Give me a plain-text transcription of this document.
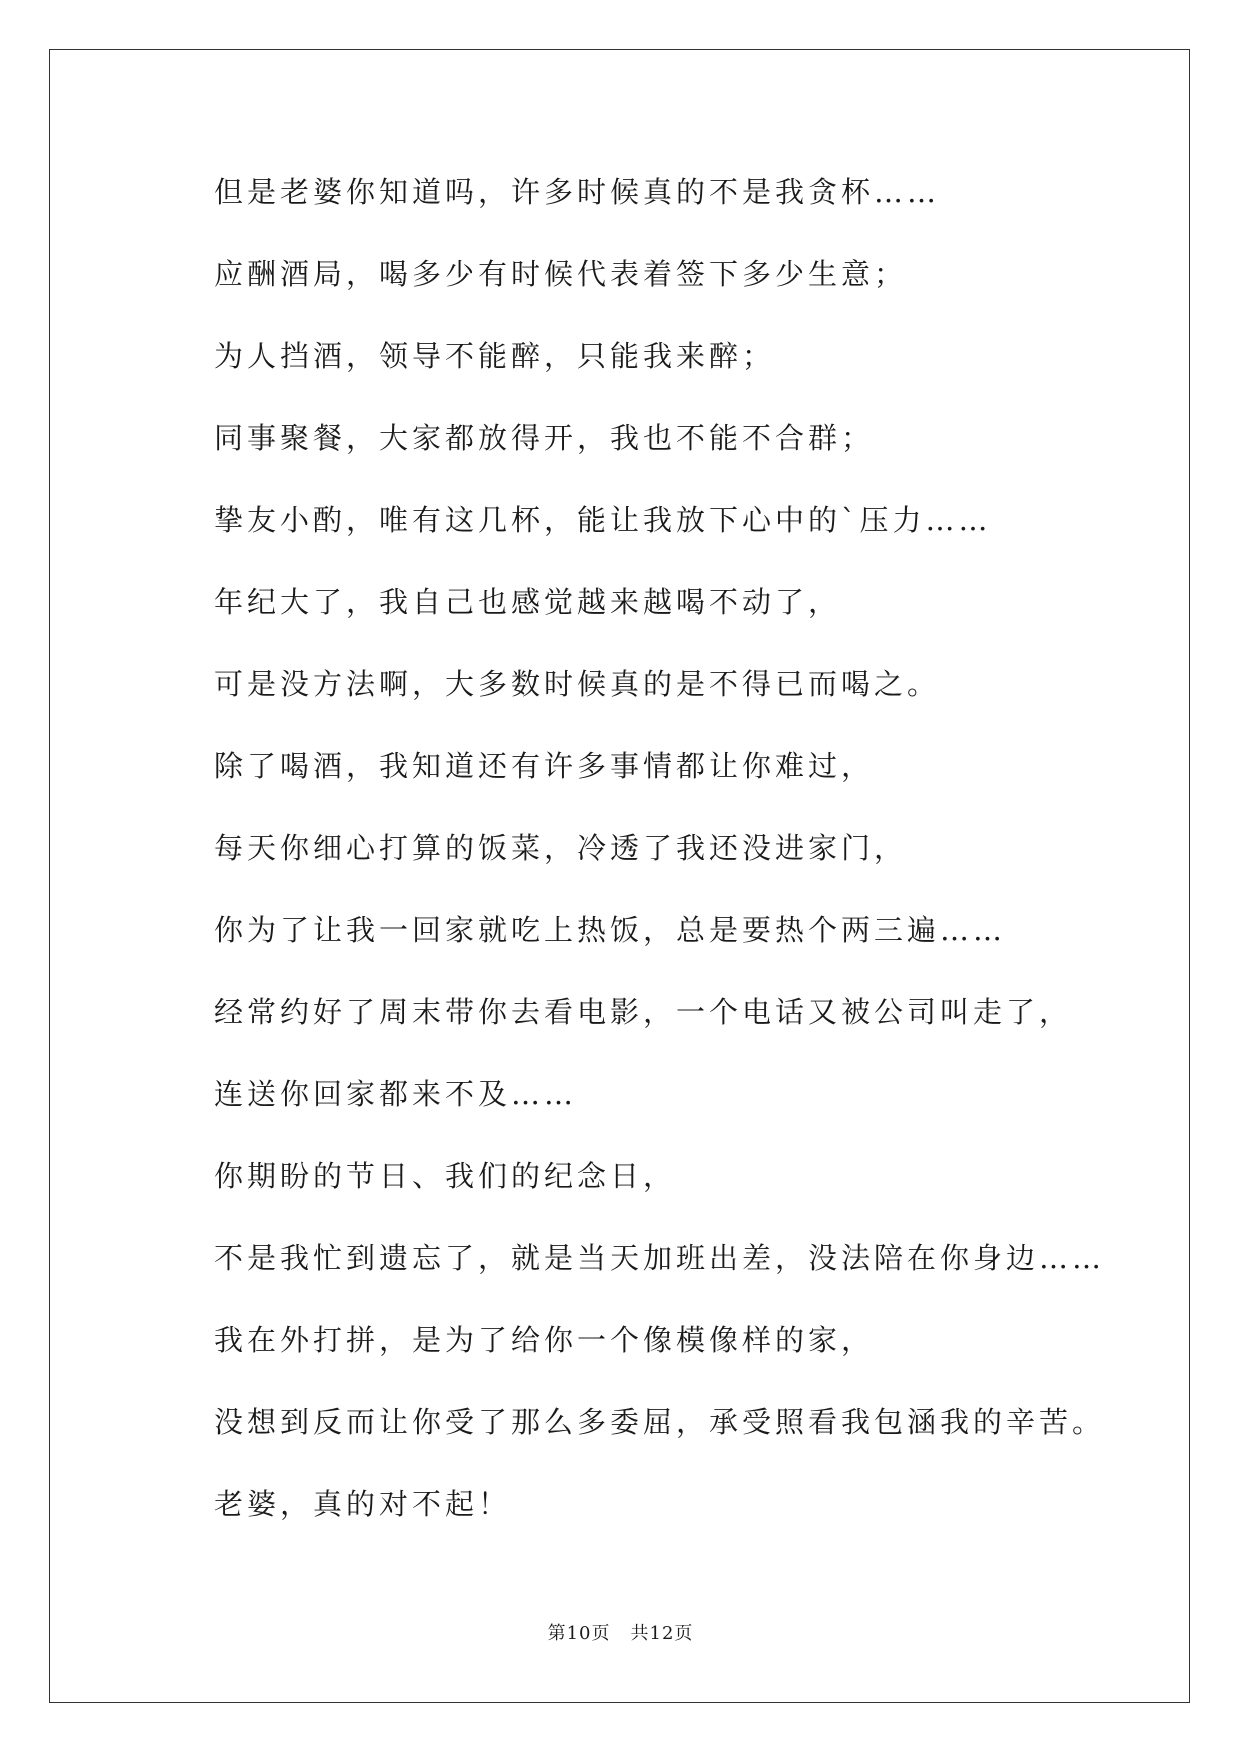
但是老婆你知道吗，许多时候真的不是我贪杯……
应酬酒局，喝多少有时候代表着签下多少生意；
为人挡酒，领导不能醉，只能我来醉；
同事聚餐，大家都放得开，我也不能不合群；
挚友小酌，唯有这几杯，能让我放下心中的`压力……
年纪大了，我自己也感觉越来越喝不动了，
可是没方法啊，大多数时候真的是不得已而喝之。
除了喝酒，我知道还有许多事情都让你难过，
每天你细心打算的饭菜，冷透了我还没进家门，
你为了让我一回家就吃上热饭，总是要热个两三遍……
经常约好了周末带你去看电影，一个电话又被公司叫走了，
连送你回家都来不及……
你期盼的节日、我们的纪念日，
不是我忙到遗忘了，就是当天加班出差，没法陪在你身边……
我在外打拼，是为了给你一个像模像样的家，
没想到反而让你受了那么多委屈，承受照看我包涵我的辛苦。
老婆，真的对不起！
第10页 共12页
